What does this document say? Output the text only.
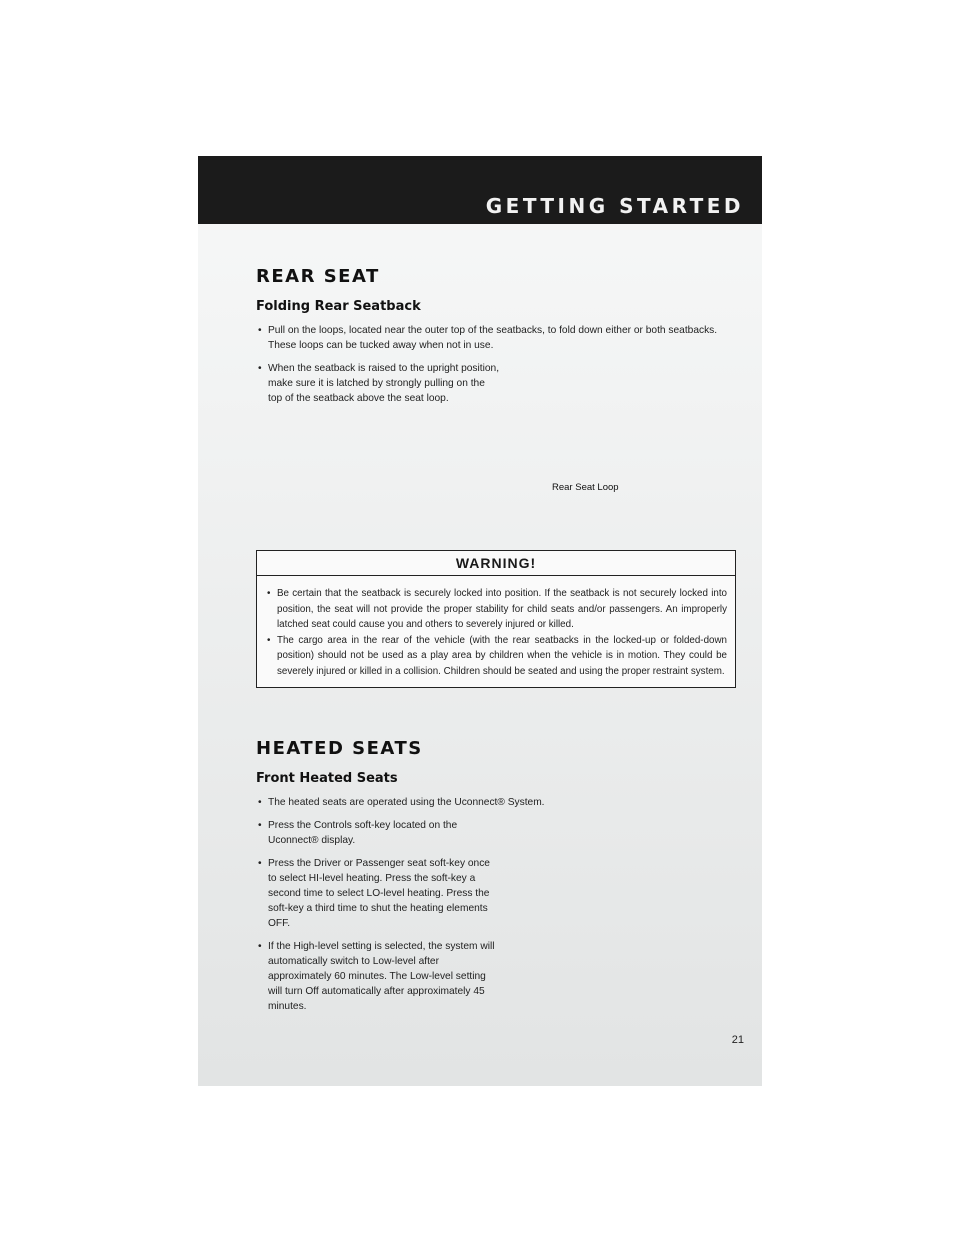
GETTING STARTED
REAR SEAT
Folding Rear Seatback
• Pull on the loops, located near the outer top of the seatbacks, to fold down either or both seatbacks. These loops can be tucked away when not in use.
• When the seatback is raised to the upright position, make sure it is latched by strongly pulling on the top of the seatback above the seat loop.
Rear Seat Loop
WARNING!
• Be certain that the seatback is securely locked into position. If the seatback is not securely locked into position, the seat will not provide the proper stability for child seats and/or passengers. An improperly latched seat could cause you and others to severely injured or killed.
• The cargo area in the rear of the vehicle (with the rear seatbacks in the locked-up or folded-down position) should not be used as a play area by children when the vehicle is in motion. They could be severely injured or killed in a collision. Children should be seated and using the proper restraint system.
HEATED SEATS
Front Heated Seats
• The heated seats are operated using the Uconnect® System.
• Press the Controls soft-key located on the Uconnect® display.
• Press the Driver or Passenger seat soft-key once to select HI-level heating. Press the soft-key a second time to select LO-level heating. Press the soft-key a third time to shut the heating elements OFF.
• If the High-level setting is selected, the system will automatically switch to Low-level after approximately 60 minutes. The Low-level setting will turn Off automatically after approximately 45 minutes.
21
